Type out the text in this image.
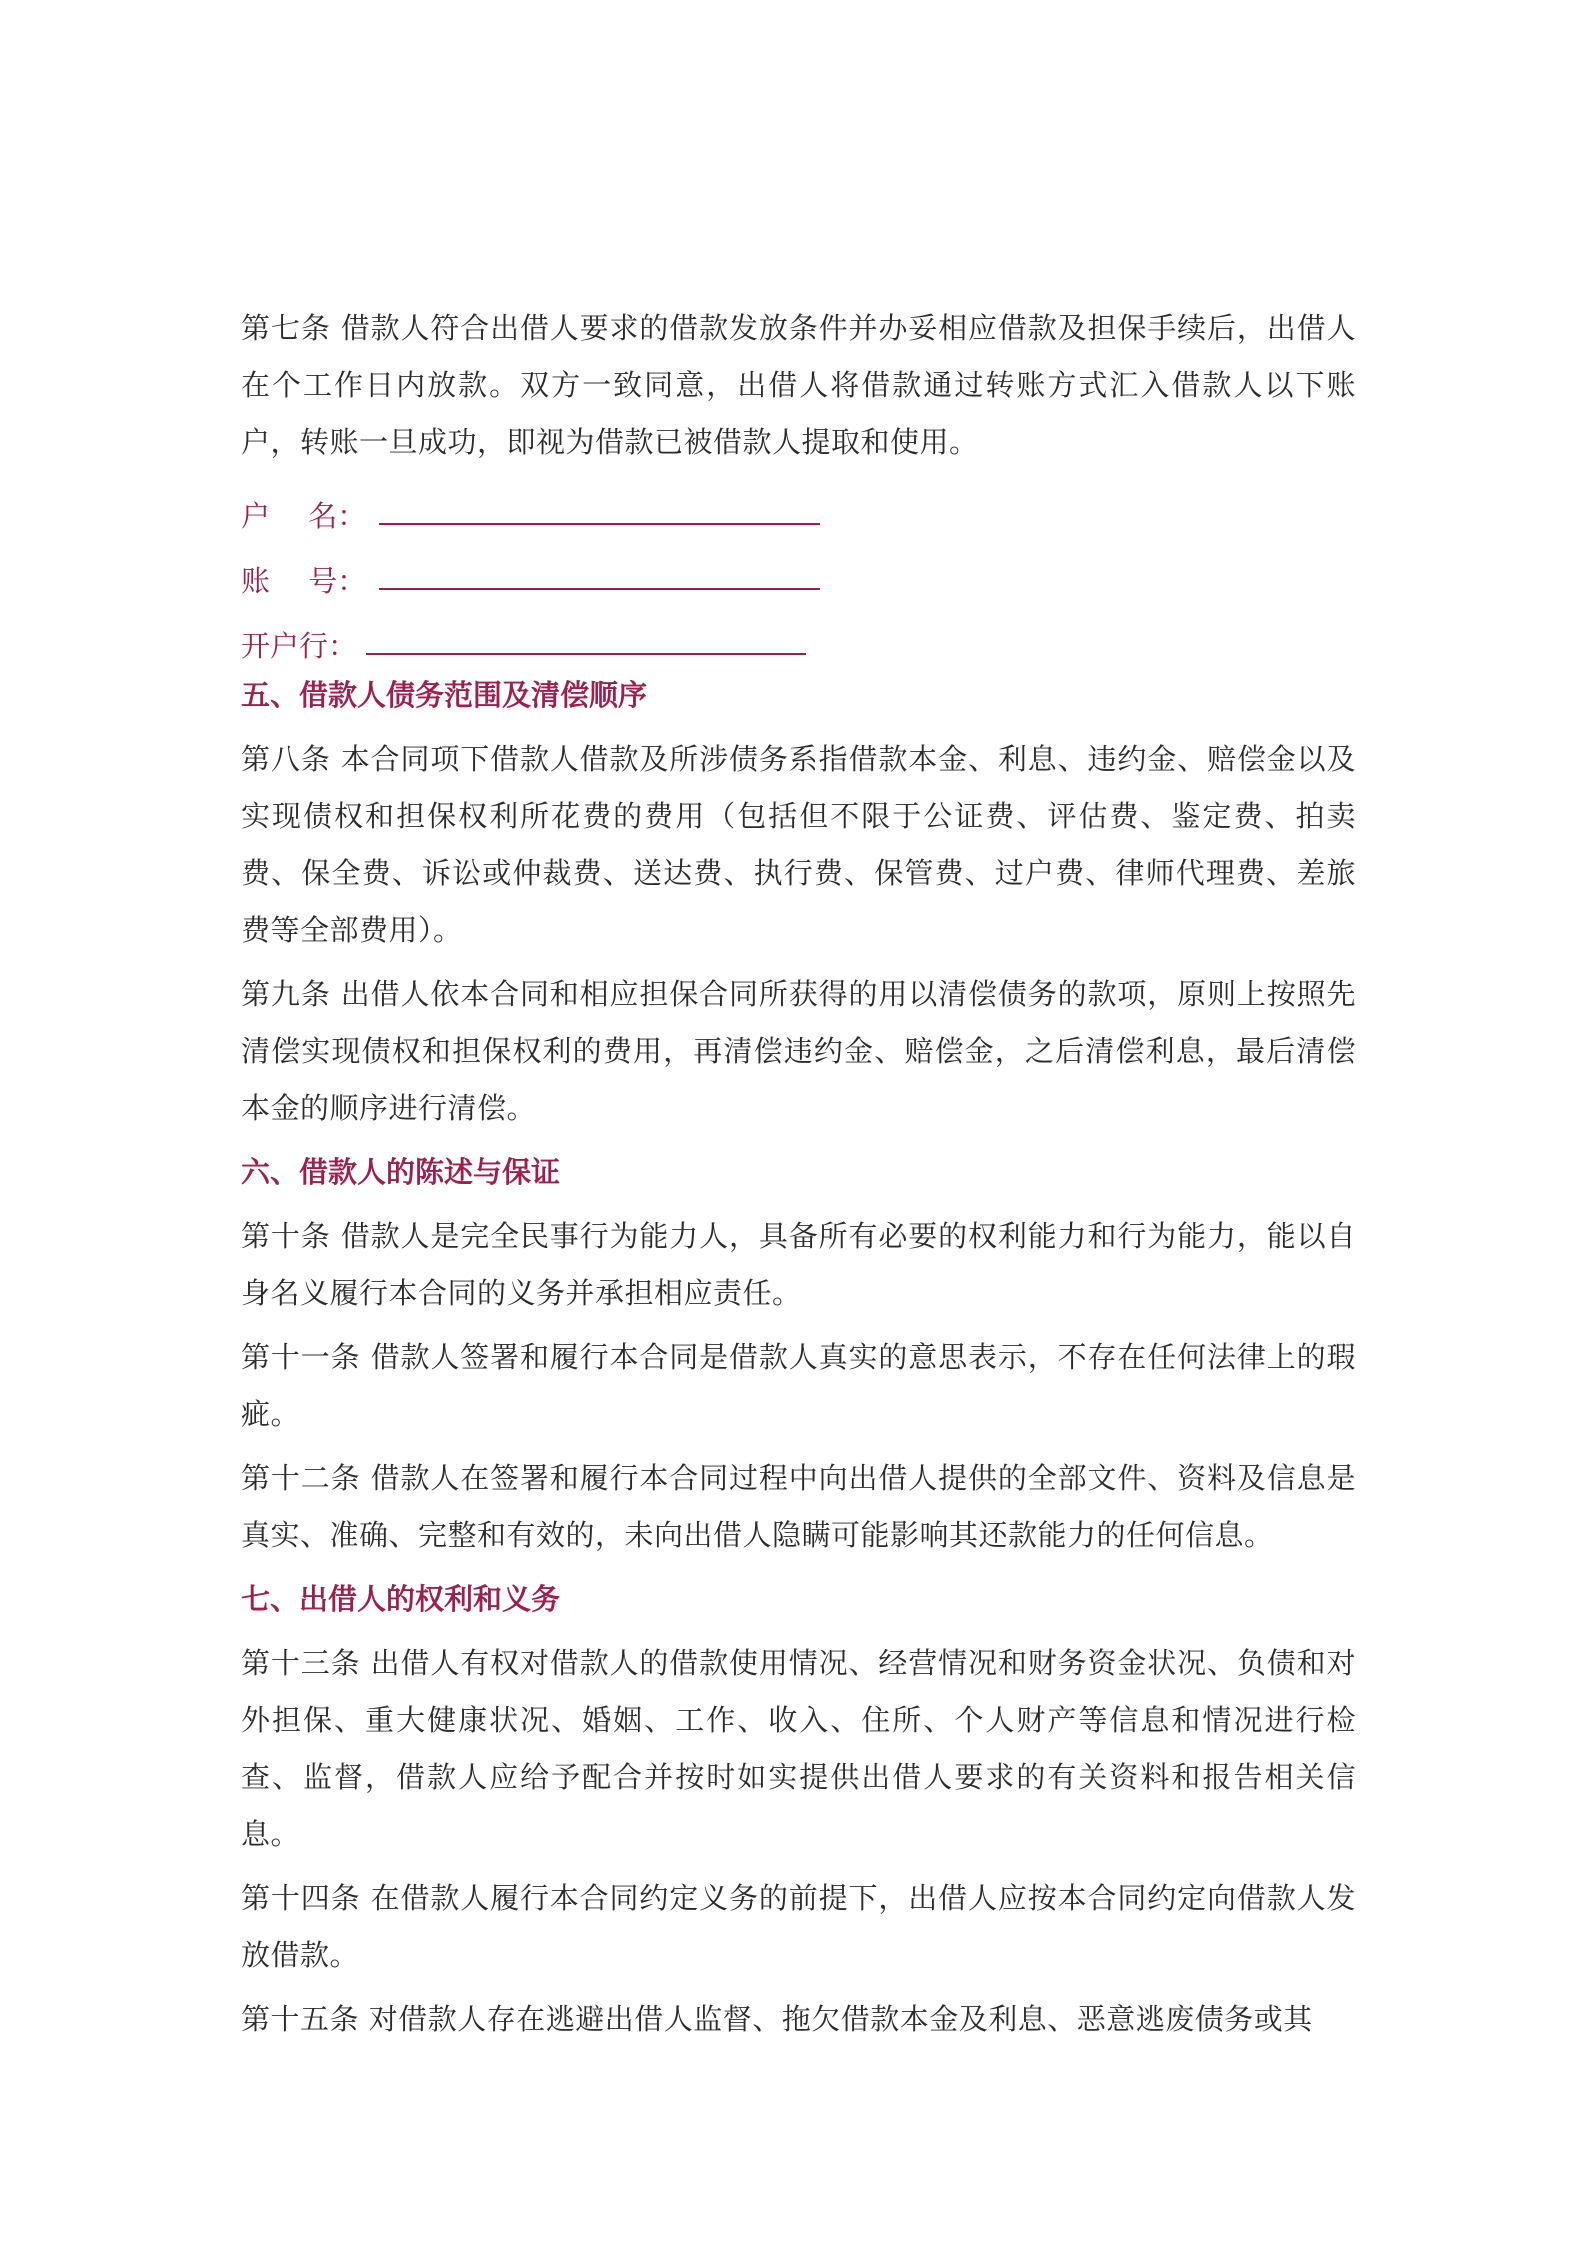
第七条 借款人符合出借人要求的借款发放条件并办妥相应借款及担保手续后，出借人在个工作日内放款。双方一致同意，出借人将借款通过转账方式汇入借款人以下账户，转账一旦成功，即视为借款已被借款人提取和使用。

户　 名：
账　 号：
开户行：
五、借款人债务范围及清偿顺序

第八条 本合同项下借款人借款及所涉债务系指借款本金、利息、违约金、赔偿金以及实现债权和担保权利所花费的费用（包括但不限于公证费、评估费、鉴定费、拍卖费、保全费、诉讼或仲裁费、送达费、执行费、保管费、过户费、律师代理费、差旅费等全部费用）。

第九条 出借人依本合同和相应担保合同所获得的用以清偿债务的款项，原则上按照先清偿实现债权和担保权利的费用，再清偿违约金、赔偿金，之后清偿利息，最后清偿本金的顺序进行清偿。

六、借款人的陈述与保证

第十条 借款人是完全民事行为能力人，具备所有必要的权利能力和行为能力，能以自身名义履行本合同的义务并承担相应责任。

第十一条 借款人签署和履行本合同是借款人真实的意思表示，不存在任何法律上的瑕疵。

第十二条 借款人在签署和履行本合同过程中向出借人提供的全部文件、资料及信息是真实、准确、完整和有效的，未向出借人隐瞒可能影响其还款能力的任何信息。

七、出借人的权利和义务

第十三条 出借人有权对借款人的借款使用情况、经营情况和财务资金状况、负债和对外担保、重大健康状况、婚姻、工作、收入、住所、个人财产等信息和情况进行检查、监督，借款人应给予配合并按时如实提供出借人要求的有关资料和报告相关信息。

第十四条 在借款人履行本合同约定义务的前提下，出借人应按本合同约定向借款人发放借款。

第十五条 对借款人存在逃避出借人监督、拖欠借款本金及利息、恶意逃废债务或其
